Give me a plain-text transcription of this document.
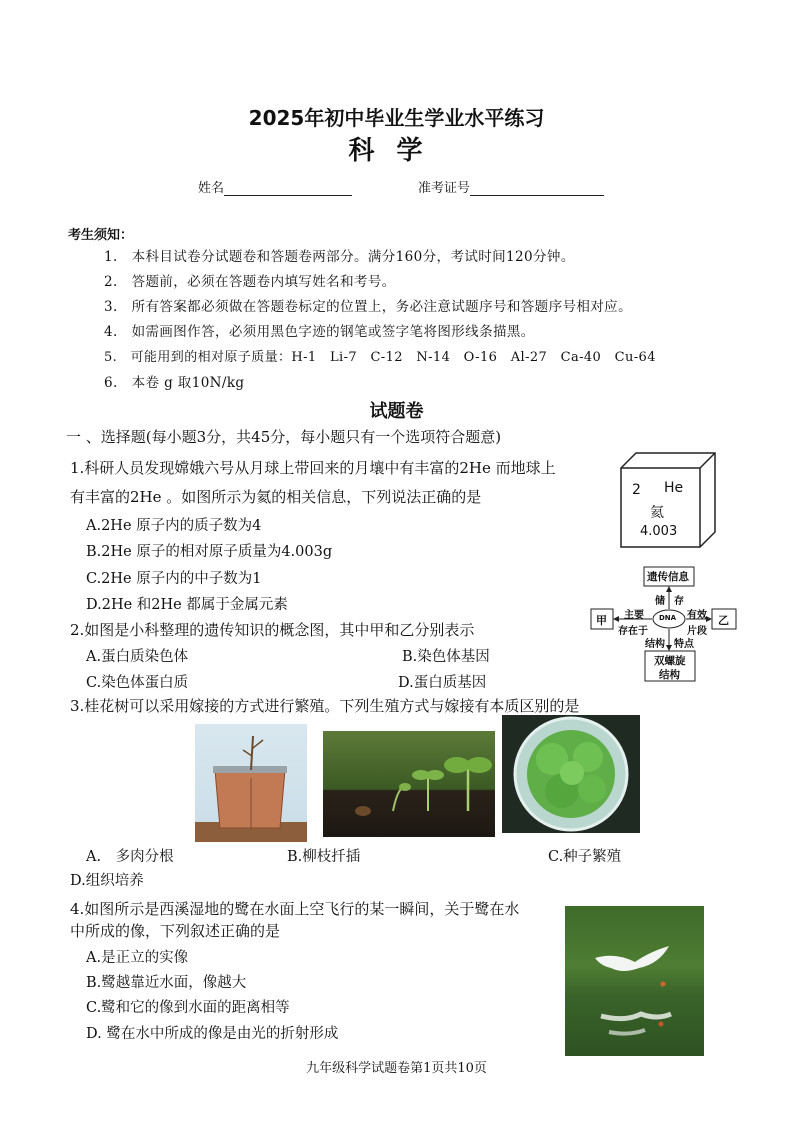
2025年初中毕业生学业水平练习
科学
姓名	准考证号
考生须知：
1.　本科目试卷分试题卷和答题卷两部分。满分160分，考试时间120分钟。
2.　答题前，必须在答题卷内填写姓名和考号。
3.　所有答案都必须做在答题卷标定的位置上，务必注意试题序号和答题序号相对应。
4.　如需画图作答，必须用黑色字迹的钢笔或签字笔将图形线条描黑。
5.　可能用到的相对原子质量：H-1　Li-7　C-12　N-14　O-16　Al-27　Ca-40　Cu-64
6.　本卷 g 取10N/kg
试题卷
一 、选择题(每小题3分，共45分，每小题只有一个选项符合题意)
1.科研人员发现嫦娥六号从月球上带回来的月壤中有丰富的2He 而地球上
有丰富的2He 。如图所示为氦的相关信息，下列说法正确的是
A.2He 原子内的质子数为4
B.2He 原子的相对原子质量为4.003g
C.2He 原子内的中子数为1
D.2He 和2He 都属于金属元素
2 He
氦
4.003
2.如图是小科整理的遗传知识的概念图，其中甲和乙分别表示
A.蛋白质染色体	B.染色体基因
C.染色体蛋白质	D.蛋白质基因
遗传信息
甲	乙
双螺旋
结构
DNA
储 存
主要
存在于
有效
片段
结构 特点
3.桂花树可以采用嫁接的方式进行繁殖。下列生殖方式与嫁接有本质区别的是
A.　多肉分根	B.柳枝扦插	C.种子繁殖
D.组织培养
4.如图所示是西溪湿地的鹭在水面上空飞行的某一瞬间，关于鹭在水
中所成的像，下列叙述正确的是
A.是正立的实像
B.鹭越靠近水面，像越大
C.鹭和它的像到水面的距离相等
D. 鹭在水中所成的像是由光的折射形成
九年级科学试题卷第1页共10页
